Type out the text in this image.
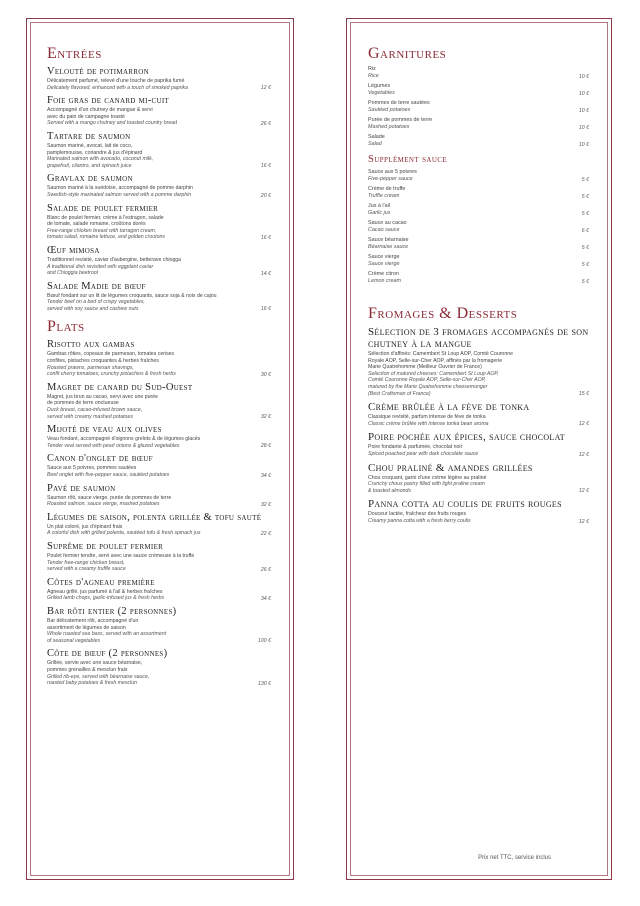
Entrées
Velouté de potimarron
Délicatement parfumé, relevé d'une touche de paprika fumé
Delicately flavored, enhanced with a touch of smoked paprika	12 €
Foie gras de canard mi-cuit
Accompagné d'un chutney de mangue & servi
avec du pain de campagne toasté
Served with a mango chutney and toasted country bread	26 €
Tartare de saumon
Saumon mariné, avocat, lait de coco,
pamplemousse, coriandre & jus d'épinard
Marinated salmon with avocado, coconut milk,
grapefruit, cilantro, and spinach juice	16 €
Gravlax de saumon
Saumon mariné à la suédoise, accompagné de pomme darphin
Swedish-style marinated salmon served with a pomme darphin	20 €
Salade de poulet fermier
Blanc de poulet fermier, crème à l'estragon, salade
de tomate, salade romaine, croûtons dorés
Free-range chicken breast with tarragon cream,
tomato salad, romaine lettuce, and golden croutons	16 €
Œuf mimosa
Traditionnel revisité, caviar d'aubergine, betterave chiogga
A traditional dish revisited with eggplant caviar
and Chioggia beetroot	14 €
Salade Madie de bœuf
Bœuf fondant sur un lit de légumes croquants, sauce soja & noix de cajou
Tender beef on a bed of crispy vegetables,
served with soy sauce and cashew nuts	16 €
Plats
Risotto aux gambas
Gambas rôties, copeaux de parmesan, tomates cerises
confites, pistaches croquantes & herbes fraîches
Roasted prawns, parmesan shavings,
confit cherry tomatoes, crunchy pistachios & fresh herbs	30 €
Magret de canard du Sud-Ouest
Magret, jus brun au cacao, servi avec une purée
de pommes de terre onctueuse
Duck breast, cacao-infused brown sauce,
served with creamy mashed potatoes	32 €
Mijoté de veau aux olives
Veau fondant, accompagné d'oignons grelots & de légumes glacés
Tender veal served with pearl onions & glazed vegetables	28 €
Canon d'onglet de bœuf
Sauce aux 5 poivres, pommes sautées
Beef onglet with five-pepper sauce, sautéed potatoes	34 €
Pavé de saumon
Saumon rôti, sauce vierge, purée de pommes de terre
Roasted salmon, sauce vierge, mashed potatoes	32 €
Légumes de saison, polenta grillée & tofu sauté
Un plat coloré, jus d'épinard frais
A colorful dish with grilled polenta, sautéed tofu & fresh spinach jus	22 €
Suprême de poulet fermier
Poulet fermier tendre, servi avec une sauce crémeuse à la truffe
Tender free-range chicken breast,
served with a creamy truffle sauce	26 €
Côtes d'agneau première
Agneau grillé, jus parfumé à l'ail & herbes fraîches
Grilled lamb chops, garlic-infused jus & fresh herbs	34 €
Bar rôti entier (2 personnes)
Bar délicatement rôti, accompagné d'un
assortiment de légumes de saison
Whole roasted sea bass, served with an assortment
of seasonal vegetables	100 €
Côte de bœuf (2 personnes)
Grillée, servie avec une sauce béarnaise,
pommes grenailles & mesclun frais
Grilled rib-eye, served with béarnaise sauce,
roasted baby potatoes & fresh mesclun	130 €
Garnitures
Riz
Rice	10 €
Légumes
Vegetables	10 €
Pommes de terre sautées
Sautéed potatoes	10 €
Purée de pommes de terre
Mashed potatoes	10 €
Salade
Salad	10 €
Supplément sauce
Sauce aux 5 poivres
Five-pepper sauce	5 €
Crème de truffe
Truffle cream	5 €
Jus à l'ail
Garlic jus	5 €
Sauce au cacao
Cacao sauce	6 €
Sauce béarnaise
Béarnaise sauce	5 €
Sauce vierge
Sauce vierge	5 €
Crème citron
Lemon cream	5 €
Fromages & Desserts
Sélection de 3 fromages accompagnés de son chutney à la mangue
Sélection d'affinés: Camembert St Loup AOP, Comté Couronne
Royale AOP, Selle-sur-Cher AOP, affinés par la fromagerie
Marie Quatrehomme (Meilleur Ouvrier de France)
Selection of matured cheeses: Camembert St Loup AOP,
Comté Couronne Royale AOP, Selle-sur-Cher AOP,
matured by the Marie Quatrehomme cheesemonger
(Best Craftsman of France)	15 €
Crème brûlée à la fève de tonka
Classique revisité, parfum intense de fève de tonka
Classic crème brûlée with intense tonka bean aroma	12 €
Poire pochée aux épices, sauce chocolat
Poire fondante & parfumée, chocolat noir
Spiced poached pear with dark chocolate sauce	12 €
Chou praliné & amandes grillées
Chou croquant, garni d'une crème légère au praliné
Crunchy choux pastry filled with light praline cream
& toasted almonds	12 €
Panna cotta au coulis de fruits rouges
Douceur lactée, fraîcheur des fruits rouges
Creamy panna cotta with a fresh berry coulis	12 €
Prix net TTC, service inclus
